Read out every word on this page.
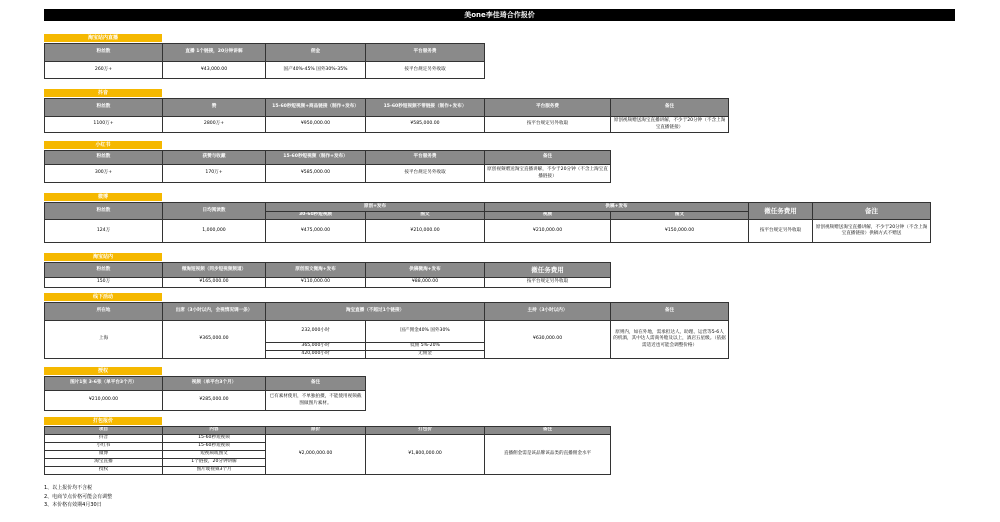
美one李佳琦合作报价
淘宝站内直播
粉丝数	直播 1个链接，20分钟讲解	佣金	平台服务费
260万+	¥43,000.00	国产40%-45% 国外30%-35%	按平台规定另外收取
抖音
粉丝数	赞	15-60秒短视频+商品链接（制作+发布）	15-60秒短视频不带链接（制作+发布）	平台服务费	备注
1100万+	2800万+	¥950,000.00	¥585,000.00	按平台规定另外收取	原创视频赠送淘宝直播讲解，不少于20分钟（不含上淘宝直播链接）
小红书
粉丝数	获赞与收藏	15-60秒短视频（制作+发布）	平台服务费	备注
300万+	170万+	¥585,000.00	按平台规定另外收取	原创视频赠送淘宝直播讲解，不少于20分钟（不含上淘宝直播链接）
微博
粉丝数	日均阅读数	原创+发布		供稿+发布		微任务费用	备注
		30-60秒短视频	图文	视频	图文		
124万	1,000,000	¥475,000.00	¥210,000.00	¥210,000.00	¥150,000.00	按平台规定另外收取	原创视频赠送淘宝直播讲解，不少于20分钟（不含上淘宝直播链接）供稿方式不赠送
淘宝站内
粉丝数	微淘短视频（同步短视频频道）	原创图文微淘+发布	供稿微淘+发布	微任务费用
150万	¥165,000.00	¥110,000.00	¥88,000.00	按平台规定另外收取
线下活动
所在地	出席（3小时以内，会视情况调一条）	淘宝直播（不超过1个链接）		主持（3小时以内）	备注
上海	¥365,000.00	232,000小时	国产佣金40% 国外30%	¥630,000.00	原则内，如在外地，需承担达人、助理、运营等5-6人的机酒，其中达人需商务舱及以上，酒店五星级。（依据需适近也可能会调整价格）
		365,000小时	低佣 5%-20%		
		420,000小时	无佣金		
授权
图片1张 3-6张（单平台3个月）	视频（单平台3个月）	备注
¥210,000.00	¥285,000.00	已有素材使用，不单独拍摄，不能使用视频截图做图片素材。
打包报价
项目	内容	原价	打包价	备注
抖音	15-60秒短视频	¥2,000,000.00	¥1,800,000.00	直播佣金需是该品牌该品类的直播佣金水平
小红书	15-60秒短视频			
微博	短视频或图文			
淘宝直播	1个链接，20分钟讲解			
授权	图片或视频3个月			
1、以上报价均不含税
2、电商节点价格可能会有调整
3、本价格有效期4月30日
